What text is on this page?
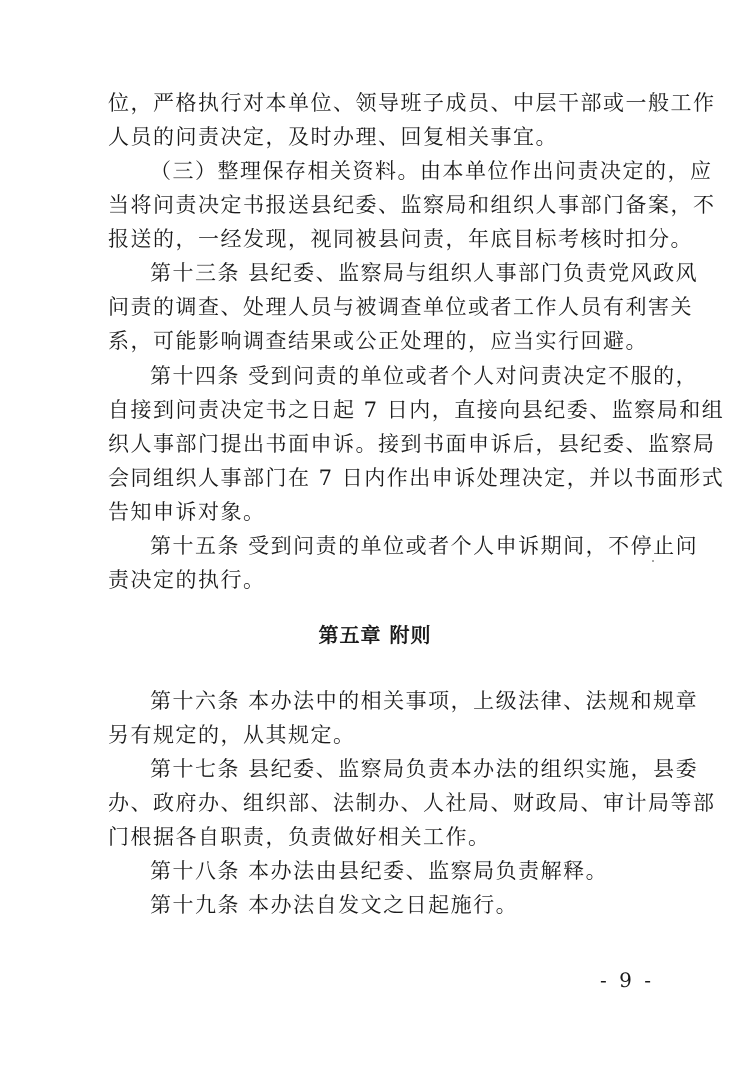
位，严格执行对本单位、领导班子成员、中层干部或一般工作
人员的问责决定，及时办理、回复相关事宜。
（三）整理保存相关资料。由本单位作出问责决定的，应
当将问责决定书报送县纪委、监察局和组织人事部门备案，不
报送的，一经发现，视同被县问责，年底目标考核时扣分。
第十三条 县纪委、监察局与组织人事部门负责党风政风
问责的调查、处理人员与被调查单位或者工作人员有利害关
系，可能影响调查结果或公正处理的，应当实行回避。
第十四条 受到问责的单位或者个人对问责决定不服的，
自接到问责决定书之日起 7 日内，直接向县纪委、监察局和组
织人事部门提出书面申诉。接到书面申诉后，县纪委、监察局
会同组织人事部门在 7 日内作出申诉处理决定，并以书面形式
告知申诉对象。
第十五条 受到问责的单位或者个人申诉期间，不停止问
责决定的执行。
第五章 附则
第十六条 本办法中的相关事项，上级法律、法规和规章
另有规定的，从其规定。
第十七条 县纪委、监察局负责本办法的组织实施，县委
办、政府办、组织部、法制办、人社局、财政局、审计局等部
门根据各自职责，负责做好相关工作。
第十八条 本办法由县纪委、监察局负责解释。
第十九条 本办法自发文之日起施行。
- 9 -
